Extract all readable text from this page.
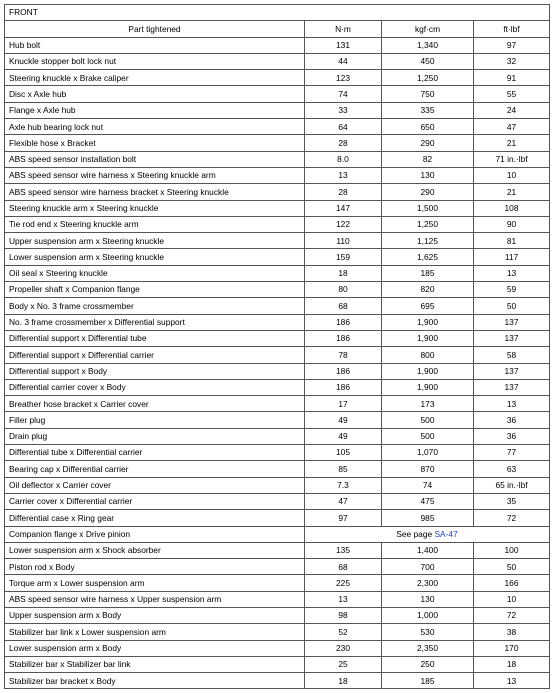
FRONT			
Part tightened	N·m	kgf·cm	ft·lbf
Hub bolt	131	1,340	97
Knuckle stopper bolt lock nut	44	450	32
Steering knuckle x Brake caliper	123	1,250	91
Disc x Axle hub	74	750	55
Flange x Axle hub	33	335	24
Axle hub bearing lock nut	64	650	47
Flexible hose x Bracket	28	290	21
ABS speed sensor installation bolt	8.0	82	71 in.·lbf
ABS speed sensor wire harness x Steering knuckle arm	13	130	10
ABS speed sensor wire harness bracket x Steering knuckle	28	290	21
Steering knuckle arm x Steering knuckle	147	1,500	108
Tie rod end x Steering knuckle arm	122	1,250	90
Upper suspension arm x Steering knuckle	110	1,125	81
Lower suspension arm x Steering knuckle	159	1,625	117
Oil seal x Steering knuckle	18	185	13
Propeller shaft x Companion flange	80	820	59
Body x No. 3 frame crossmember	68	695	50
No. 3 frame crossmember x Differential support	186	1,900	137
Differential support x Differential tube	186	1,900	137
Differential support x Differential carrier	78	800	58
Differential support x Body	186	1,900	137
Differential carrier cover x Body	186	1,900	137
Breather hose bracket x Carrier cover	17	173	13
Filler plug	49	500	36
Drain plug	49	500	36
Differential tube x Differential carrier	105	1,070	77
Bearing cap x Differential carrier	85	870	63
Oil deflector x Carrier cover	7.3	74	65 in.·lbf
Carrier cover x Differential carrier	47	475	35
Differential case x Ring gear	97	985	72
Companion flange x Drive pinion	See page SA-47		
Lower suspension arm x Shock absorber	135	1,400	100
Piston rod x Body	68	700	50
Torque arm x Lower suspension arm	225	2,300	166
ABS speed sensor wire harness x Upper suspension arm	13	130	10
Upper suspension arm x Body	98	1,000	72
Stabilizer bar link x Lower suspension arm	52	530	38
Lower suspension arm x Body	230	2,350	170
Stabilizer bar x Stabilizer bar link	25	250	18
Stabilizer bar bracket x Body	18	185	13
